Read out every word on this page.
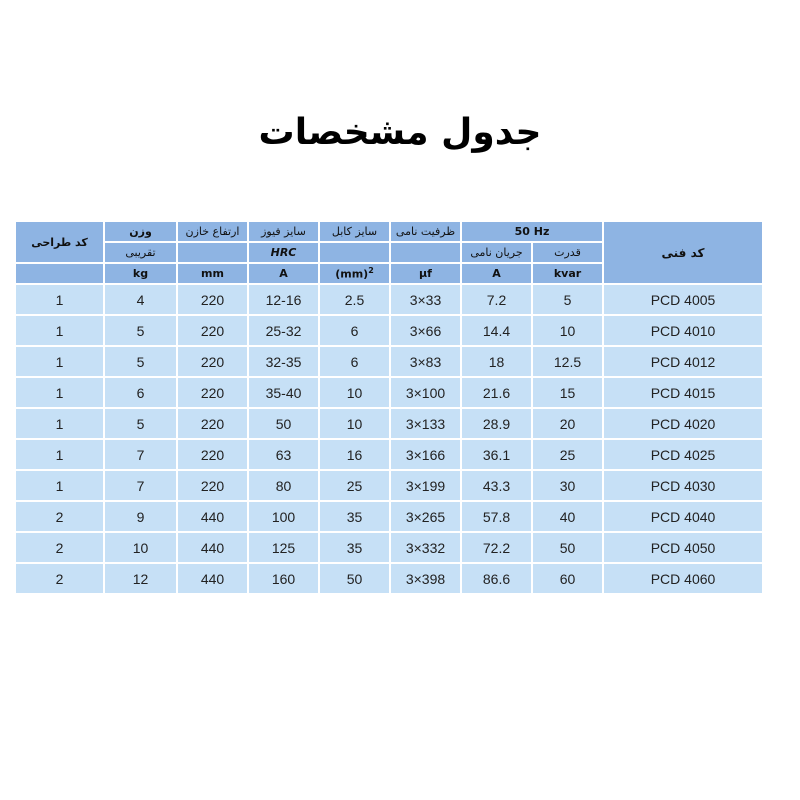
جدول مشخصات
کد طراحی	وزن	ارتفاع خازن	سایز فیوز	سایز کابل	ظرفیت نامی	50 Hz		کد فنی
	تقریبی		HRC			جریان نامی	قدرت	
	kg	mm	A	(mm)$^2$	µf	A	kvar	
1	4	220	12-16	2.5	3×33	7.2	5	PCD 4005
1	5	220	25-32	6	3×66	14.4	10	PCD 4010
1	5	220	32-35	6	3×83	18	12.5	PCD 4012
1	6	220	35-40	10	3×100	21.6	15	PCD 4015
1	5	220	50	10	3×133	28.9	20	PCD 4020
1	7	220	63	16	3×166	36.1	25	PCD 4025
1	7	220	80	25	3×199	43.3	30	PCD 4030
2	9	440	100	35	3×265	57.8	40	PCD 4040
2	10	440	125	35	3×332	72.2	50	PCD 4050
2	12	440	160	50	3×398	86.6	60	PCD 4060
